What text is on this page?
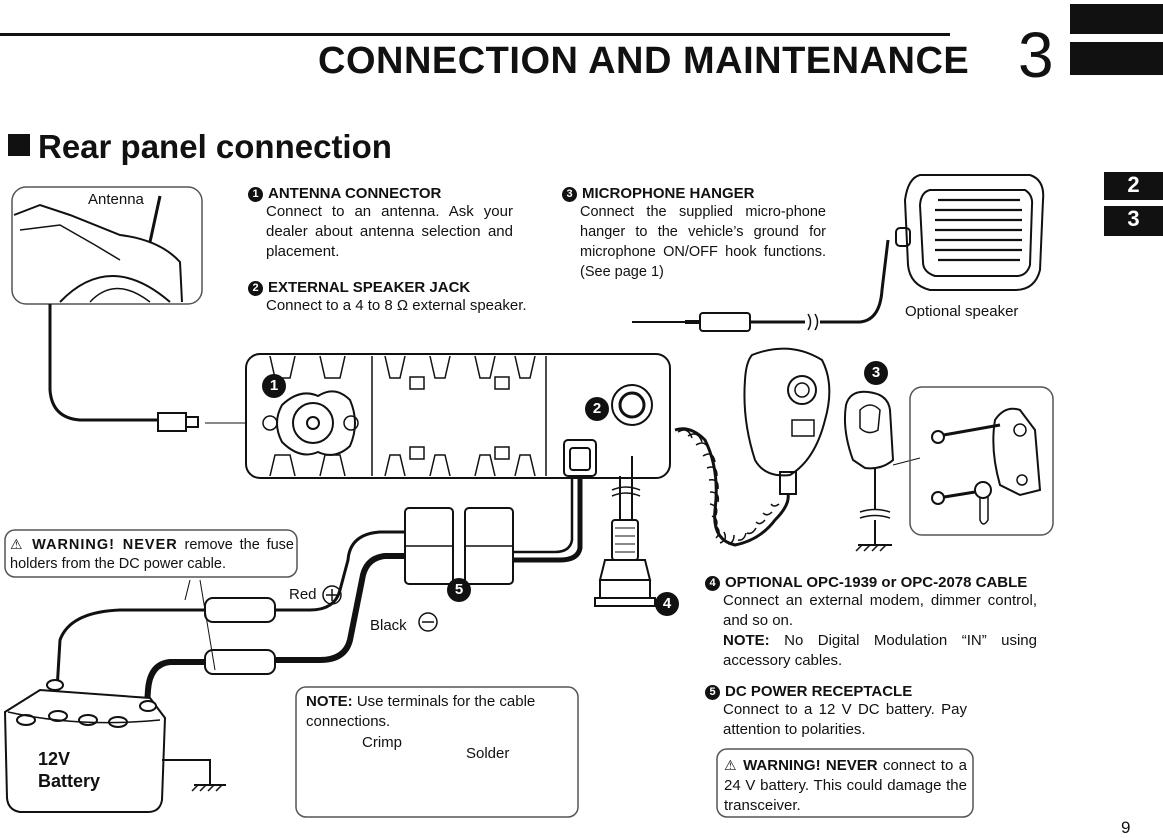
CONNECTION AND MAINTENANCE 3
2
3
Rear panel connection
Antenna
Optional speaker
Red
Black
12V
Battery
Crimp
Solder
1
2
3
4
5
1 ANTENNA CONNECTOR
Connect to an antenna. Ask your dealer about antenna selection and placement.
2 EXTERNAL SPEAKER JACK
Connect to a 4 to 8 Ω external speaker.
3 MICROPHONE HANGER
Connect the supplied micro-phone hanger to the vehicle’s ground for microphone ON/OFF hook functions. (See page 1)
4 OPTIONAL OPC-1939 or OPC-2078 CABLE
Connect an external modem, dimmer control, and so on.
NOTE: No Digital Modulation “IN” using accessory cables.
5 DC POWER RECEPTACLE
Connect to a 12 V DC battery. Pay attention to polarities.
⚠ WARNING! NEVER remove the fuse holders from the DC power cable.
NOTE: Use terminals for the cable connections.
⚠ WARNING! NEVER connect to a 24 V battery. This could damage the transceiver.
9
